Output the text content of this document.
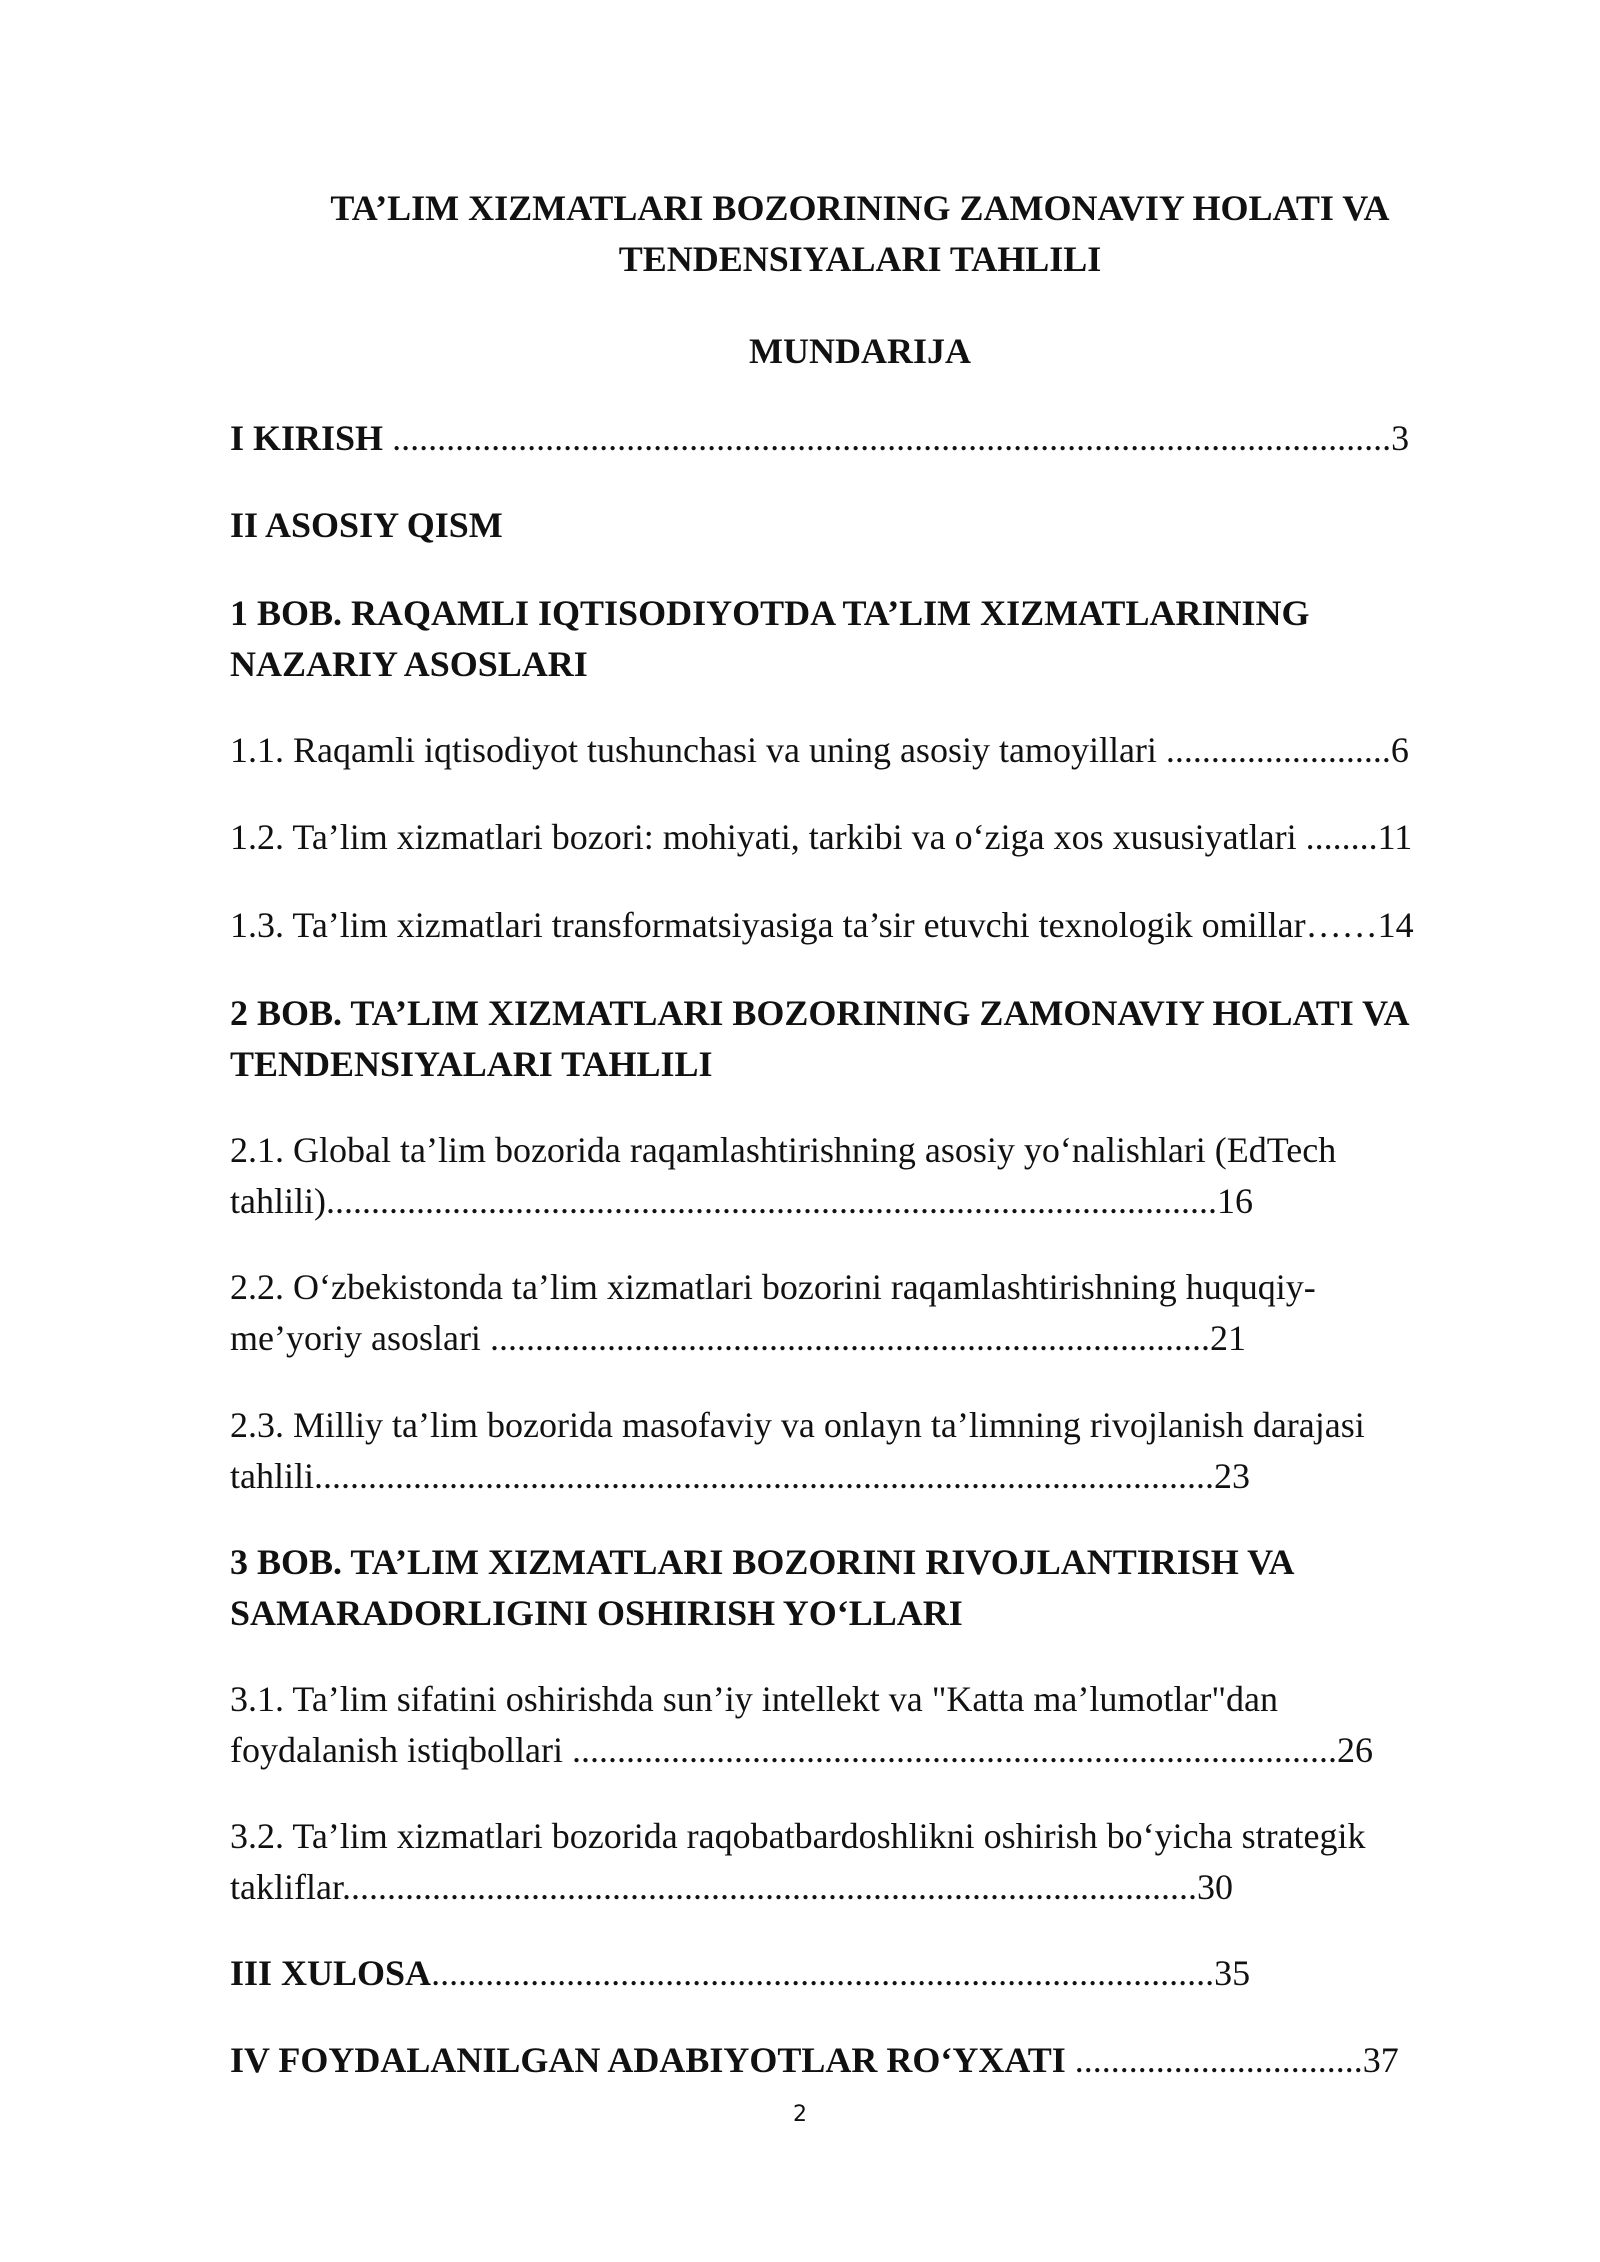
TA’LIM XIZMATLARI BOZORINING ZAMONAVIY HOLATI VA
TENDENSIYALARI TAHLILI
MUNDARIJA

I KIRISH ...............................................................................................................3

II ASOSIY QISM

1 BOB. RAQAMLI IQTISODIYOTDA TA’LIM XIZMATLARINING
NAZARIY ASOSLARI

1.1. Raqamli iqtisodiyot tushunchasi va uning asosiy tamoyillari .........................6

1.2. Ta’lim xizmatlari bozori: mohiyati, tarkibi va o‘ziga xos xususiyatlari ........11

1.3. Ta’lim xizmatlari transformatsiyasiga ta’sir etuvchi texnologik omillar……14

2 BOB. TA’LIM XIZMATLARI BOZORINING ZAMONAVIY HOLATI VA
TENDENSIYALARI TAHLILI

2.1. Global ta’lim bozorida raqamlashtirishning asosiy yo‘nalishlari (EdTech
tahlili)...................................................................................................16

2.2. O‘zbekistonda ta’lim xizmatlari bozorini raqamlashtirishning huquqiy-
me’yoriy asoslari ................................................................................21

2.3. Milliy ta’lim bozorida masofaviy va onlayn ta’limning rivojlanish darajasi
tahlili....................................................................................................23

3 BOB. TA’LIM XIZMATLARI BOZORINI RIVOJLANTIRISH VA
SAMARADORLIGINI OSHIRISH YO‘LLARI

3.1. Ta’lim sifatini oshirishda sun’iy intellekt va "Katta ma’lumotlar"dan
foydalanish istiqbollari .....................................................................................26

3.2. Ta’lim xizmatlari bozorida raqobatbardoshlikni oshirish bo‘yicha strategik
takliflar...............................................................................................30

III XULOSA.......................................................................................35

IV FOYDALANILGAN ADABIYOTLAR RO‘YXATI ................................37

2
